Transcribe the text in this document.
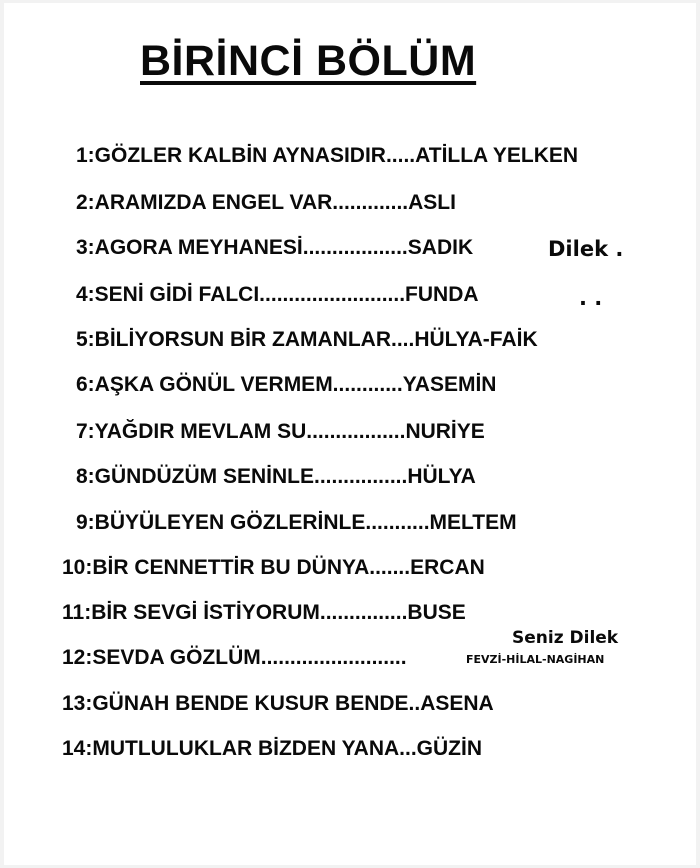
BİRİNCİ BÖLÜM
1:GÖZLER KALBİN AYNASIDIR.....ATİLLA YELKEN
2:ARAMIZDA ENGEL VAR.............ASLI
3:AGORA MEYHANESİ..................SADIK
4:SENİ GİDİ FALCI.........................FUNDA
5:BİLİYORSUN BİR ZAMANLAR....HÜLYA-FAİK
6:AŞKA GÖNÜL VERMEM............YASEMİN
7:YAĞDIR MEVLAM SU.................NURİYE
8:GÜNDÜZÜM SENİNLE................HÜLYA
9:BÜYÜLEYEN GÖZLERİNLE...........MELTEM
10:BİR CENNETTİR BU DÜNYA.......ERCAN
11:BİR SEVGİ İSTİYORUM...............BUSE
12:SEVDA GÖZLÜM.........................	FEVZİ-HİLAL-NAGİHAN
13:GÜNAH BENDE KUSUR BENDE..ASENA
14:MUTLULUKLAR BİZDEN YANA...GÜZİN
Dilek .
. .
Seniz Dilek
